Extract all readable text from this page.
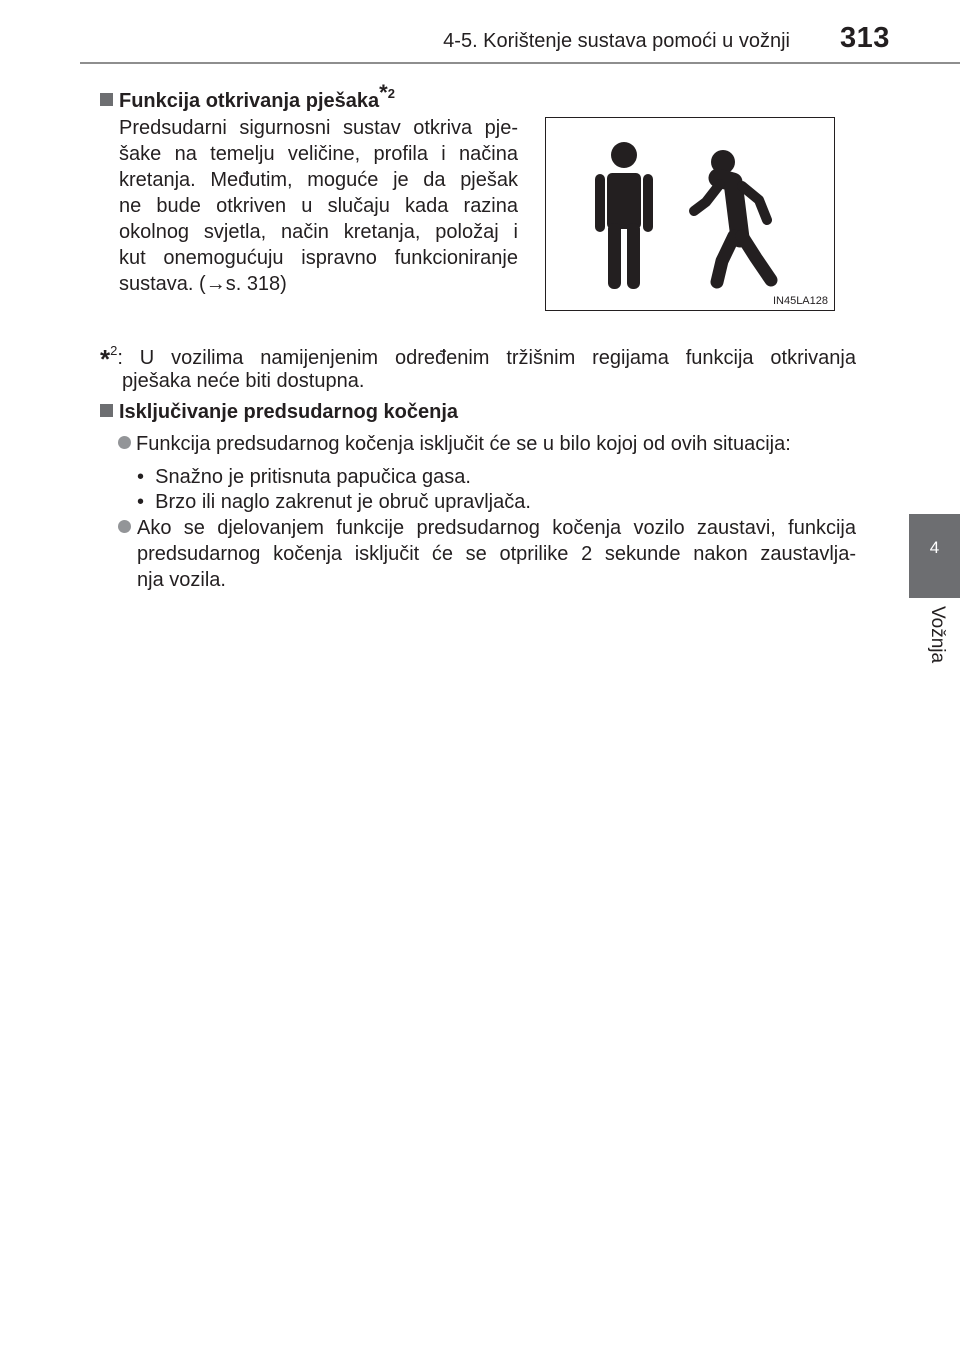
4-5. Korištenje sustava pomoći u vožnji 313
4
Vožnja
Funkcija otkrivanja pješaka$^{*2}$
Predsudarni sigurnosni sustav otkriva pje-
šake na temelju veličine, profila i načina
kretanja. Međutim, moguće je da pješak
ne bude otkriven u slučaju kada razina
okolnog svjetla, način kretanja, položaj i
kut onemogućuju ispravno funkcioniranje
sustava. (→s. 318)
IN45LA128
*$^2$: U vozilima namijenjenim određenim tržišnim regijama funkcija otkrivanja
pješaka neće biti dostupna.
Isključivanje predsudarnog kočenja
Funkcija predsudarnog kočenja isključit će se u bilo kojoj od ovih situacija:
• Snažno je pritisnuta papučica gasa.
• Brzo ili naglo zakrenut je obruč upravljača.
Ako se djelovanjem funkcije predsudarnog kočenja vozilo zaustavi, funkcija
predsudarnog kočenja isključit će se otprilike 2 sekunde nakon zaustavlja-
nja vozila.
